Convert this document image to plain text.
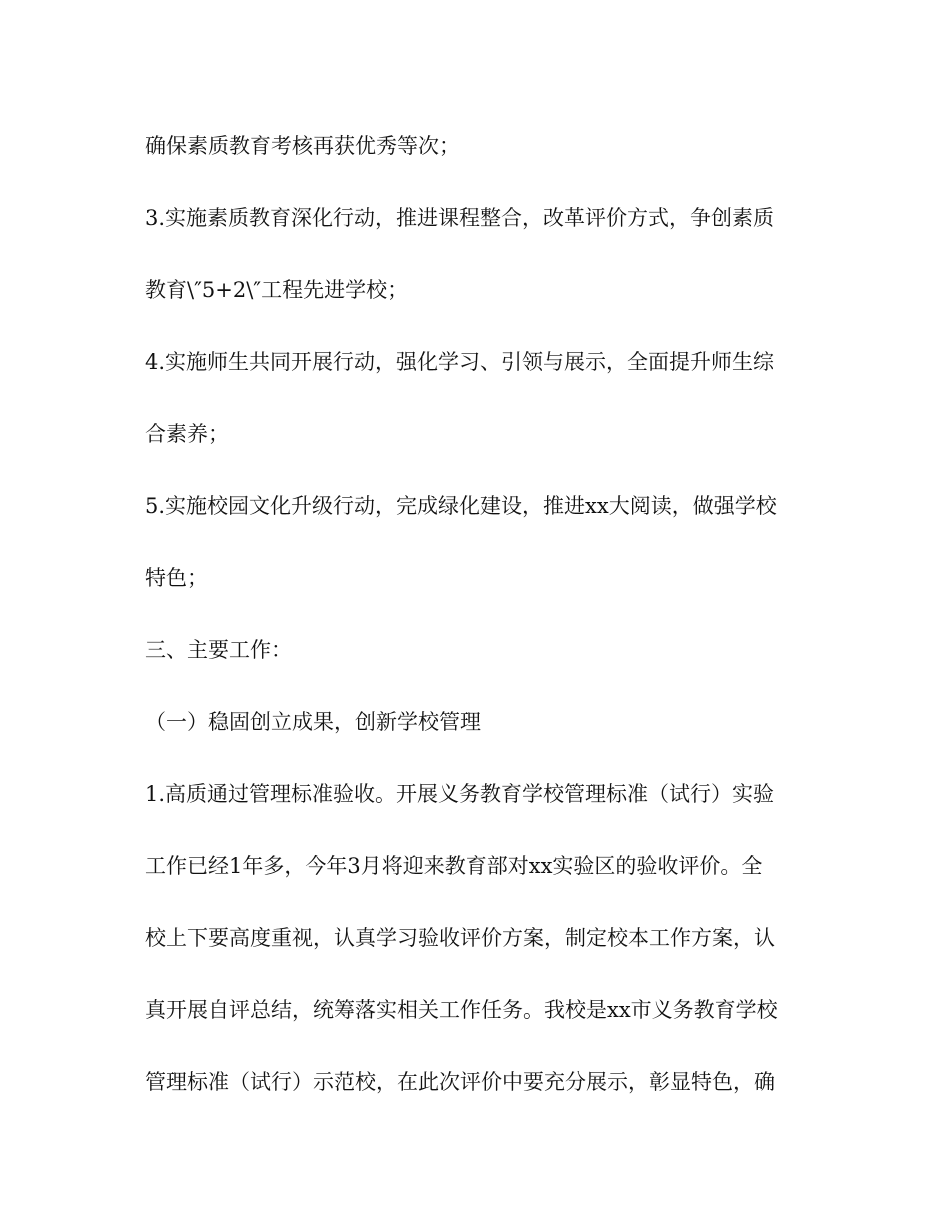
确保素质教育考核再获优秀等次；
3.实施素质教育深化行动，推进课程整合，改革评价方式，争创素质
教育\″5+2\″工程先进学校；
4.实施师生共同开展行动，强化学习、引领与展示，全面提升师生综
合素养；
5.实施校园文化升级行动，完成绿化建设，推进xx大阅读，做强学校
特色；
三、主要工作：
（一）稳固创立成果，创新学校管理
1.高质通过管理标准验收。开展义务教育学校管理标准（试行）实验
工作已经1年多，今年3月将迎来教育部对xx实验区的验收评价。全
校上下要高度重视，认真学习验收评价方案，制定校本工作方案，认
真开展自评总结，统筹落实相关工作任务。我校是xx市义务教育学校
管理标准（试行）示范校，在此次评价中要充分展示，彰显特色，确
